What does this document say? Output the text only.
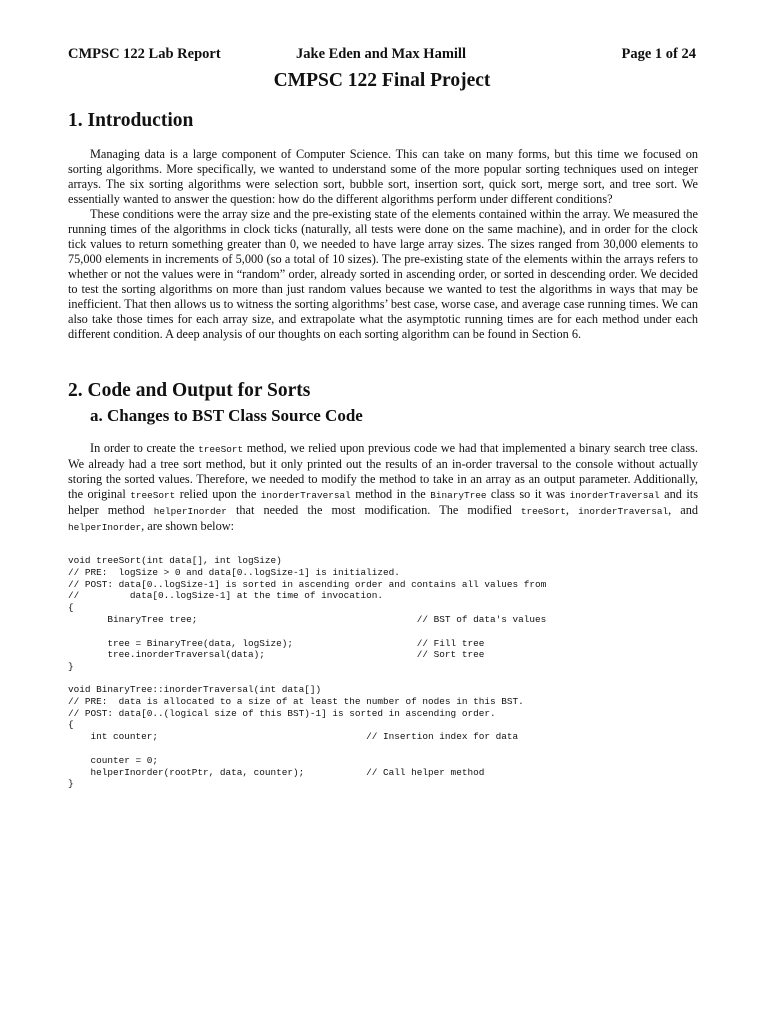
CMPSC 122 Lab Report	Jake Eden and Max Hamill	Page 1 of 24
CMPSC 122 Final Project
1. Introduction

Managing data is a large component of Computer Science. This can take on many forms, but this time we focused on sorting algorithms. More specifically, we wanted to understand some of the more popular sorting techniques used on integer arrays. The six sorting algorithms were selection sort, bubble sort, insertion sort, quick sort, merge sort, and tree sort. We essentially wanted to answer the question: how do the different algorithms perform under different conditions?

These conditions were the array size and the pre-existing state of the elements contained within the array. We measured the running times of the algorithms in clock ticks (naturally, all tests were done on the same machine), and in order for the clock tick values to return something greater than 0, we needed to have large array sizes. The sizes ranged from 30,000 elements to 75,000 elements in increments of 5,000 (so a total of 10 sizes). The pre-existing state of the elements within the arrays refers to whether or not the values were in “random” order, already sorted in ascending order, or sorted in descending order. We decided to test the sorting algorithms on more than just random values because we wanted to test the algorithms in ways that may be inefficient. That then allows us to witness the sorting algorithms’ best case, worse case, and average case running times. We can also take those times for each array size, and extrapolate what the asymptotic running times are for each method under each different condition. A deep analysis of our thoughts on each sorting algorithm can be found in Section 6.

2. Code and Output for Sorts
a. Changes to BST Class Source Code

In order to create the treeSort method, we relied upon previous code we had that implemented a binary search tree class. We already had a tree sort method, but it only printed out the results of an in-order traversal to the console without actually storing the sorted values. Therefore, we needed to modify the method to take in an array as an output parameter. Additionally, the original treeSort relied upon the inorderTraversal method in the BinaryTree class so it was inorderTraversal and its helper method helperInorder that needed the most modification. The modified treeSort, inorderTraversal, and helperInorder, are shown below:

void treeSort(int data[], int logSize)
// PRE:  logSize > 0 and data[0..logSize-1] is initialized.
// POST: data[0..logSize-1] is sorted in ascending order and contains all values from
//         data[0..logSize-1] at the time of invocation.
{
BinaryTree tree;                                       // BST of data's values

tree = BinaryTree(data, logSize);                      // Fill tree
tree.inorderTraversal(data);                           // Sort tree
}
void BinaryTree::inorderTraversal(int data[])
// PRE:  data is allocated to a size of at least the number of nodes in this BST.
// POST: data[0..(logical size of this BST)-1] is sorted in ascending order.
{
int counter;                                     // Insertion index for data

counter = 0;
helperInorder(rootPtr, data, counter);           // Call helper method
}
